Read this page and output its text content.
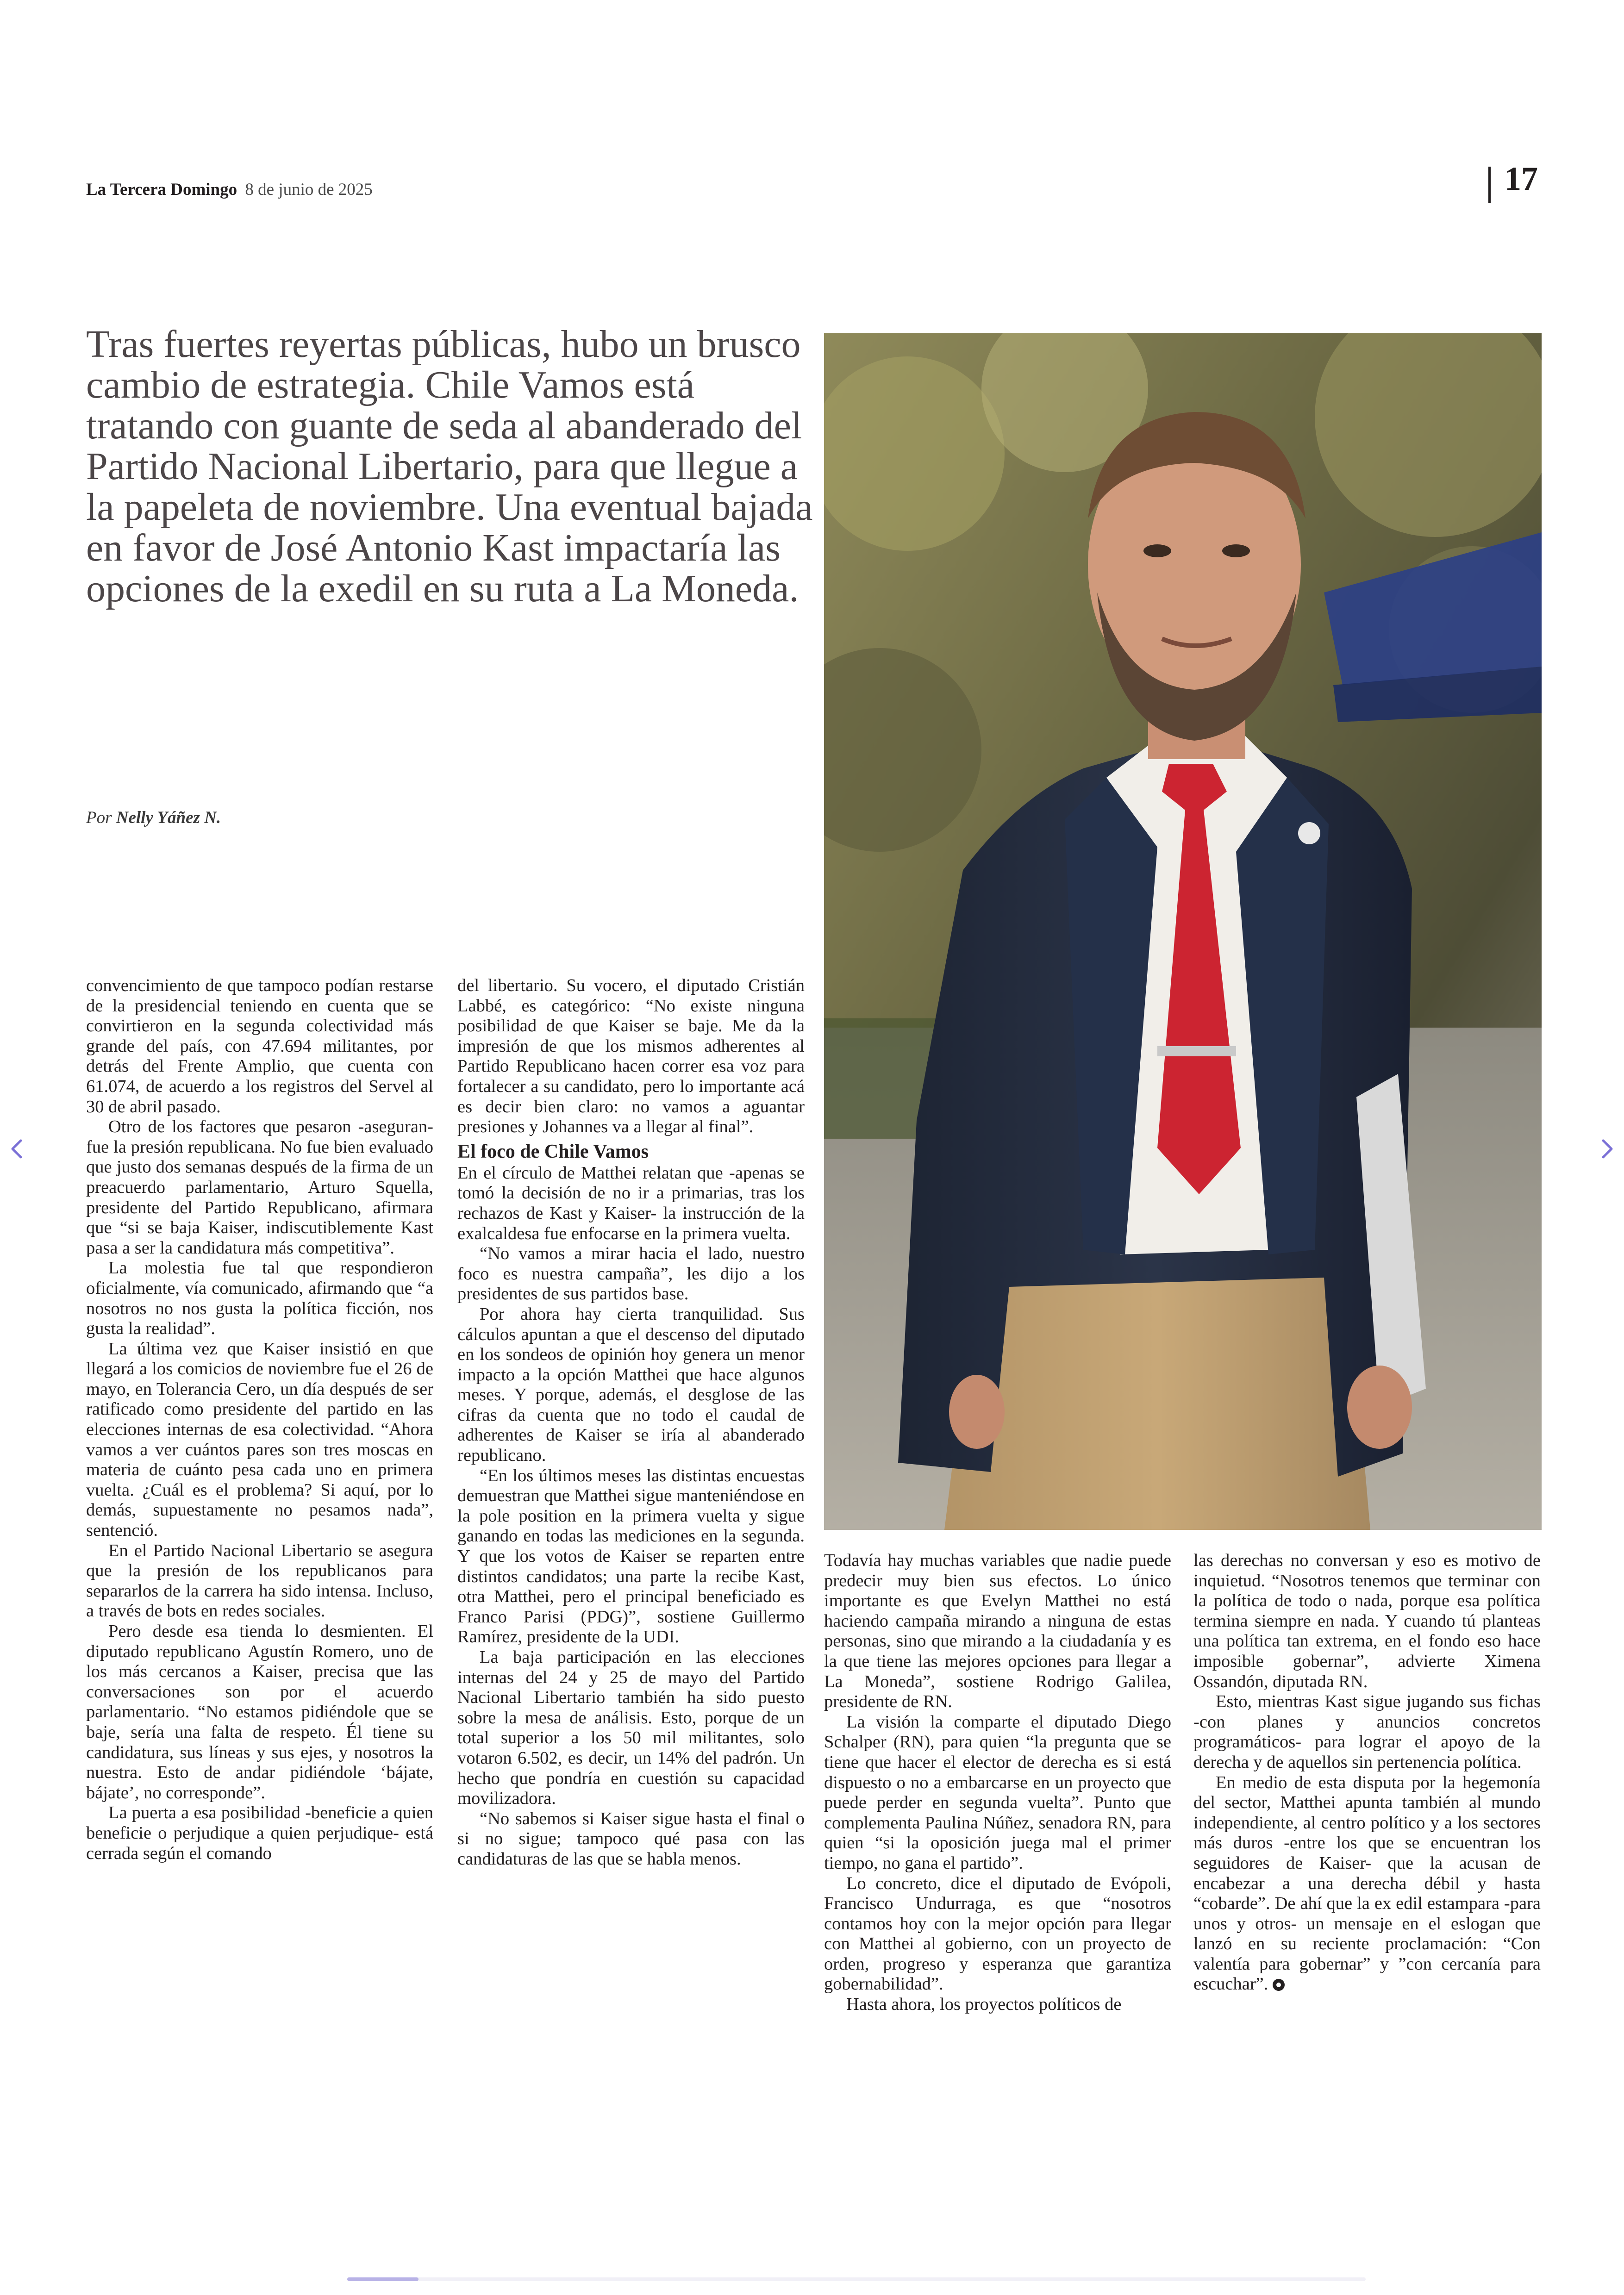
La Tercera Domingo 8 de junio de 2025	17
Tras fuertes reyertas públicas, hubo un brusco cambio de estrategia. Chile Vamos está tratando con guante de seda al abanderado del Partido Nacional Libertario, para que llegue a la papeleta de noviembre. Una eventual bajada en favor de José Antonio Kast impactaría las opciones de la exedil en su ruta a La Moneda.
Por Nelly Yáñez N.

convencimiento de que tampoco podían restarse de la presidencial teniendo en cuenta que se convirtieron en la segunda colectividad más grande del país, con 47.694 militantes, por detrás del Frente Amplio, que cuenta con 61.074, de acuerdo a los registros del Servel al 30 de abril pasado.

Otro de los factores que pesaron -aseguran- fue la presión republicana. No fue bien evaluado que justo dos semanas después de la firma de un preacuerdo parlamentario, Arturo Squella, presidente del Partido Republicano, afirmara que “si se baja Kaiser, indiscutiblemente Kast pasa a ser la candidatura más competitiva”.

La molestia fue tal que respondieron oficialmente, vía comunicado, afirmando que “a nosotros no nos gusta la política ficción, nos gusta la realidad”.

La última vez que Kaiser insistió en que llegará a los comicios de noviembre fue el 26 de mayo, en Tolerancia Cero, un día después de ser ratificado como presidente del partido en las elecciones internas de esa colectividad. “Ahora vamos a ver cuántos pares son tres moscas en materia de cuánto pesa cada uno en primera vuelta. ¿Cuál es el problema? Si aquí, por lo demás, supuestamente no pesamos nada”, sentenció.

En el Partido Nacional Libertario se asegura que la presión de los republicanos para separarlos de la carrera ha sido intensa. Incluso, a través de bots en redes sociales.

Pero desde esa tienda lo desmienten. El diputado republicano Agustín Romero, uno de los más cercanos a Kaiser, precisa que las conversaciones son por el acuerdo parlamentario. “No estamos pidiéndole que se baje, sería una falta de respeto. Él tiene su candidatura, sus líneas y sus ejes, y nosotros la nuestra. Esto de andar pidiéndole ‘bájate, bájate’, no corresponde”.

La puerta a esa posibilidad -beneficie a quien beneficie o perjudique a quien perjudique- está cerrada según el comando

del libertario. Su vocero, el diputado Cristián Labbé, es categórico: “No existe ninguna posibilidad de que Kaiser se baje. Me da la impresión de que los mismos adherentes al Partido Republicano hacen correr esa voz para fortalecer a su candidato, pero lo importante acá es decir bien claro: no vamos a aguantar presiones y Johannes va a llegar al final”.

El foco de Chile Vamos

En el círculo de Matthei relatan que -apenas se tomó la decisión de no ir a primarias, tras los rechazos de Kast y Kaiser- la instrucción de la exalcaldesa fue enfocarse en la primera vuelta.

“No vamos a mirar hacia el lado, nuestro foco es nuestra campaña”, les dijo a los presidentes de sus partidos base.

Por ahora hay cierta tranquilidad. Sus cálculos apuntan a que el descenso del diputado en los sondeos de opinión hoy genera un menor impacto a la opción Matthei que hace algunos meses. Y porque, además, el desglose de las cifras da cuenta que no todo el caudal de adherentes de Kaiser se iría al abanderado republicano.

“En los últimos meses las distintas encuestas demuestran que Matthei sigue manteniéndose en la pole position en la primera vuelta y sigue ganando en todas las mediciones en la segunda. Y que los votos de Kaiser se reparten entre distintos candidatos; una parte la recibe Kast, otra Matthei, pero el principal beneficiado es Franco Parisi (PDG)”, sostiene Guillermo Ramírez, presidente de la UDI.

La baja participación en las elecciones internas del 24 y 25 de mayo del Partido Nacional Libertario también ha sido puesto sobre la mesa de análisis. Esto, porque de un total superior a los 50 mil militantes, solo votaron 6.502, es decir, un 14% del padrón. Un hecho que pondría en cuestión su capacidad movilizadora.

“No sabemos si Kaiser sigue hasta el final o si no sigue; tampoco qué pasa con las candidaturas de las que se habla menos.

Todavía hay muchas variables que nadie puede predecir muy bien sus efectos. Lo único importante es que Evelyn Matthei no está haciendo campaña mirando a ninguna de estas personas, sino que mirando a la ciudadanía y es la que tiene las mejores opciones para llegar a La Moneda”, sostiene Rodrigo Galilea, presidente de RN.

La visión la comparte el diputado Diego Schalper (RN), para quien “la pregunta que se tiene que hacer el elector de derecha es si está dispuesto o no a embarcarse en un proyecto que puede perder en segunda vuelta”. Punto que complementa Paulina Núñez, senadora RN, para quien “si la oposición juega mal el primer tiempo, no gana el partido”.

Lo concreto, dice el diputado de Evópoli, Francisco Undurraga, es que “nosotros contamos hoy con la mejor opción para llegar con Matthei al gobierno, con un proyecto de orden, progreso y esperanza que garantiza gobernabilidad”.

Hasta ahora, los proyectos políticos de

las derechas no conversan y eso es motivo de inquietud. “Nosotros tenemos que terminar con la política de todo o nada, porque esa política termina siempre en nada. Y cuando tú planteas una política tan extrema, en el fondo eso hace imposible gobernar”, advierte Ximena Ossandón, diputada RN.

Esto, mientras Kast sigue jugando sus fichas -con planes y anuncios concretos programáticos- para lograr el apoyo de la derecha y de aquellos sin pertenencia política.

En medio de esta disputa por la hegemonía del sector, Matthei apunta también al mundo independiente, al centro político y a los sectores más duros -entre los que se encuentran los seguidores de Kaiser- que la acusan de encabezar a una derecha débil y hasta “cobarde”. De ahí que la ex edil estampara -para unos y otros- un mensaje en el eslogan que lanzó en su reciente proclamación: “Con valentía para gobernar” y ”con cercanía para escuchar”.
